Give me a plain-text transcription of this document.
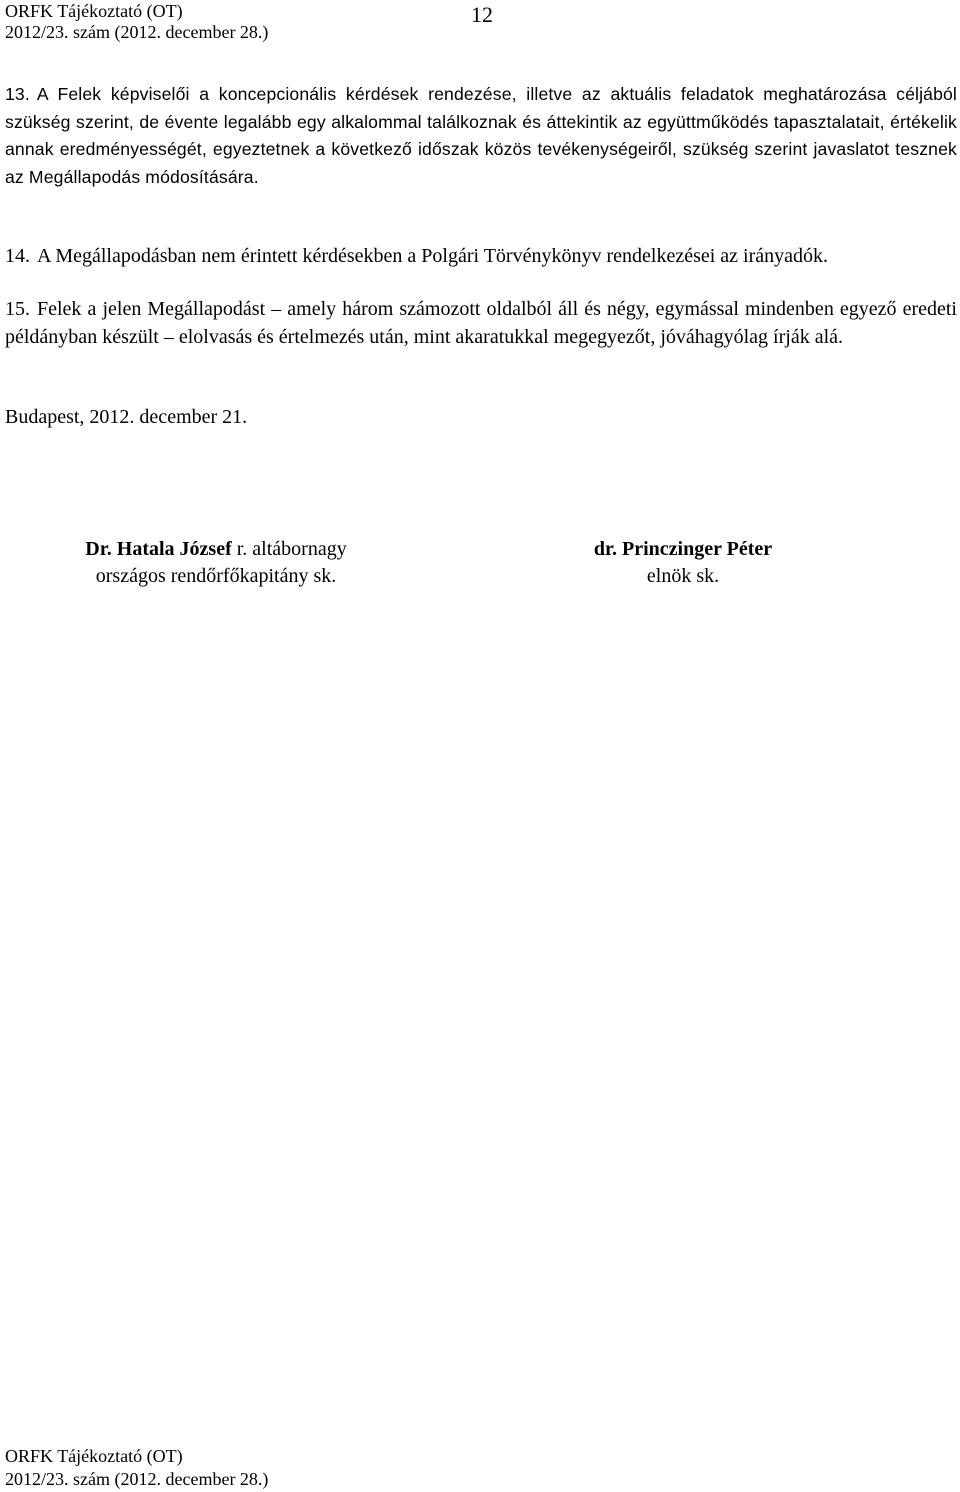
ORFK Tájékoztató (OT)
2012/23. szám (2012. december 28.)
12

13. A Felek képviselői a koncepcionális kérdések rendezése, illetve az aktuális feladatok meghatározása céljából szükség szerint, de évente legalább egy alkalommal találkoznak és áttekintik az együttműködés tapasztalatait, értékelik annak eredményességét, egyeztetnek a következő időszak közös tevékenységeiről, szükség szerint javaslatot tesznek az Megállapodás módosítására.

14. A Megállapodásban nem érintett kérdésekben a Polgári Törvénykönyv rendelkezései az irányadók.

15. Felek a jelen Megállapodást – amely három számozott oldalból áll és négy, egymással mindenben egyező eredeti példányban készült – elolvasás és értelmezés után, mint akaratukkal megegyezőt, jóváhagyólag írják alá.

Budapest, 2012. december 21.

Dr. Hatala József r. altábornagy
országos rendőrfőkapitány sk.
dr. Princzinger Péter
elnök sk.
ORFK Tájékoztató (OT)
2012/23. szám (2012. december 28.)
